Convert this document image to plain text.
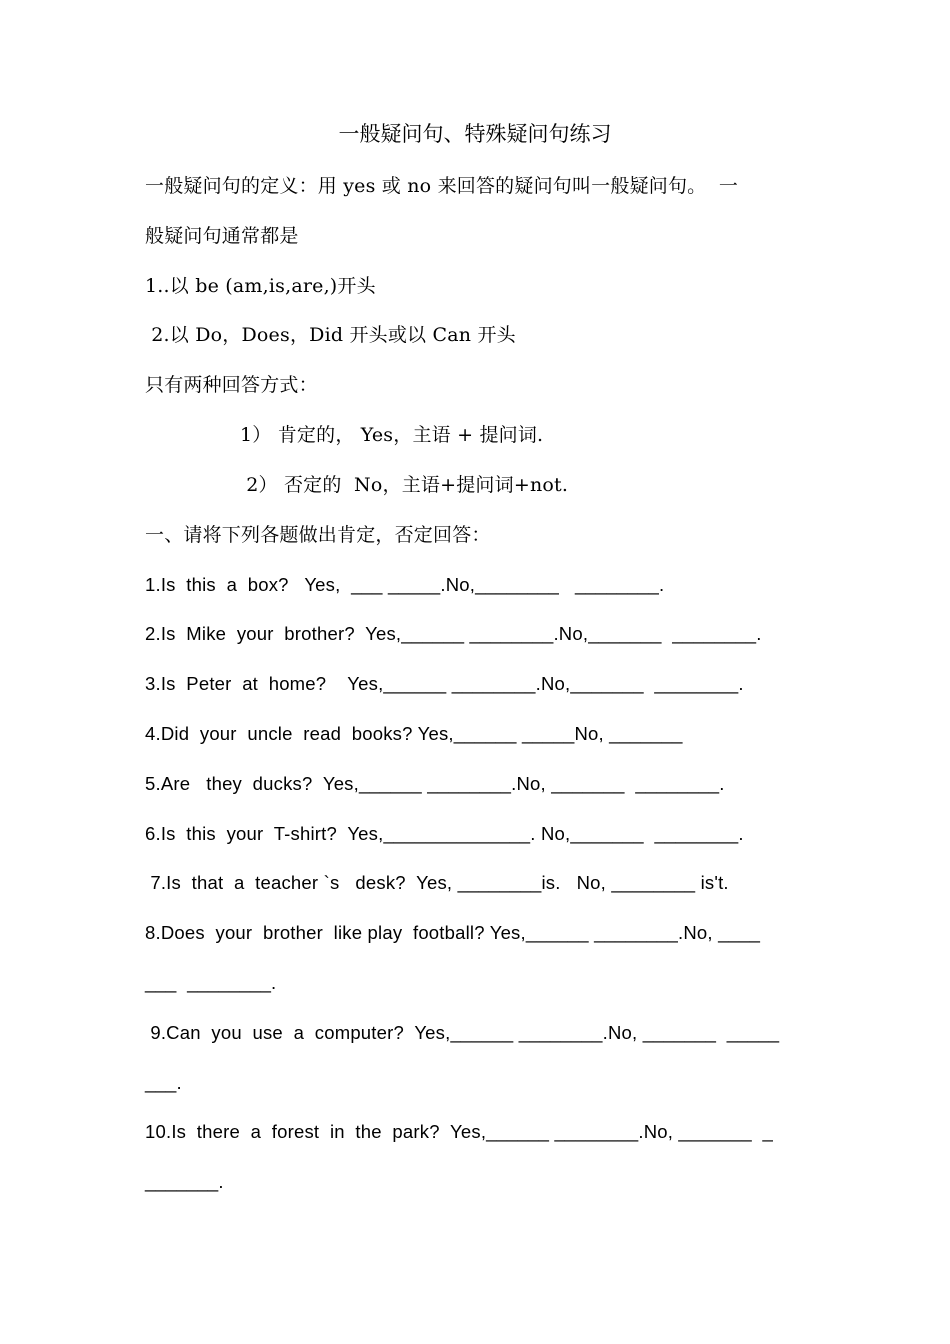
一般疑问句、特殊疑问句练习
一般疑问句的定义：用 yes 或 no 来回答的疑问句叫一般疑问句。  一
般疑问句通常都是
1..以 be (am,is,are,)开头
2.以 Do，Does，Did 开头或以 Can 开头
只有两种回答方式：
1） 肯定的， Yes，主语 + 提问词.
2） 否定的  No，主语+提问词+not.
一、请将下列各题做出肯定，否定回答：
1.Is  this  a  box?   Yes,  ___ _____.No,________   ________.
2.Is  Mike  your  brother?  Yes,______ ________.No,_______  ________.
3.Is  Peter  at  home?    Yes,______ ________.No,_______  ________.
4.Did  your  uncle  read  books? Yes,______ _____No, _______
5.Are   they  ducks?  Yes,______ ________.No, _______  ________.
6.Is  this  your  T-shirt?  Yes,______________. No,_______  ________.
7.Is  that  a  teacher `s   desk?  Yes, ________is.   No, ________ is't.
8.Does  your  brother  like play  football? Yes,______ ________.No, ____
___  ________.
9.Can  you  use  a  computer?  Yes,______ ________.No, _______  _____
___.
10.Is  there  a  forest  in  the  park?  Yes,______ ________.No, _______  _
_______.
